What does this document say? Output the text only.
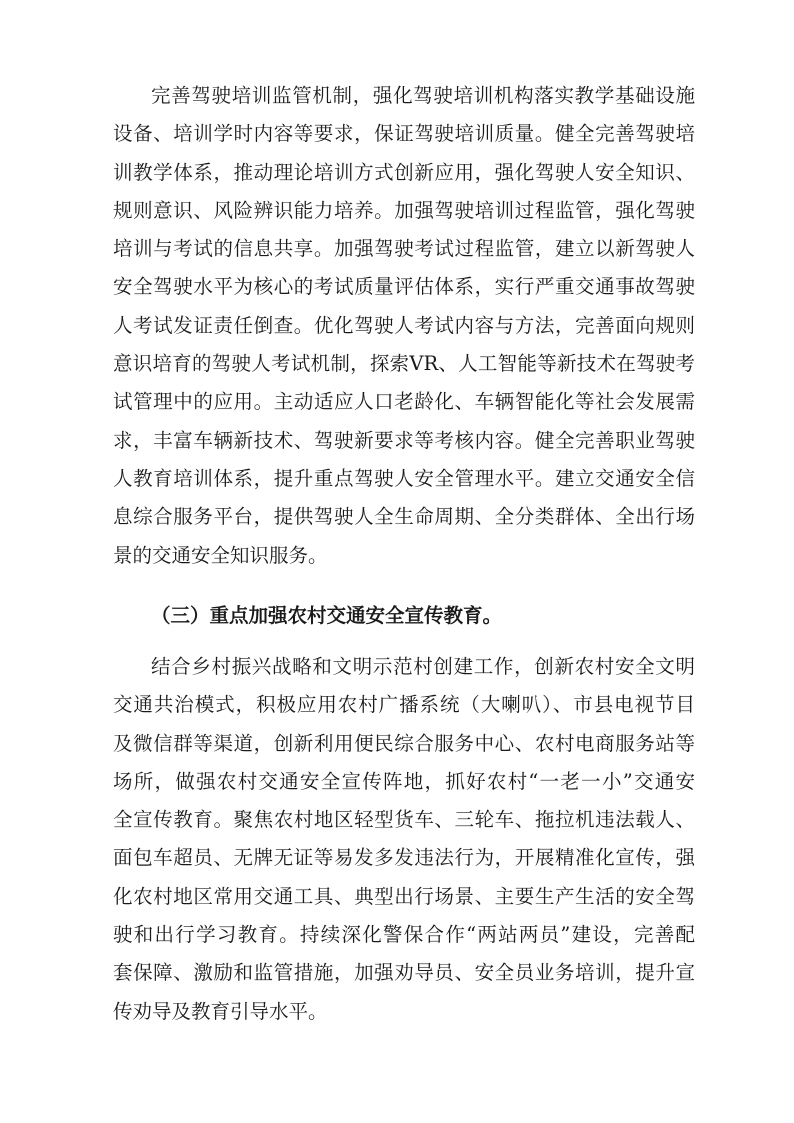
完善驾驶培训监管机制，强化驾驶培训机构落实教学基础设施
设备、培训学时内容等要求，保证驾驶培训质量。健全完善驾驶培
训教学体系，推动理论培训方式创新应用，强化驾驶人安全知识、
规则意识、风险辨识能力培养。加强驾驶培训过程监管，强化驾驶
培训与考试的信息共享。加强驾驶考试过程监管，建立以新驾驶人
安全驾驶水平为核心的考试质量评估体系，实行严重交通事故驾驶
人考试发证责任倒查。优化驾驶人考试内容与方法，完善面向规则
意识培育的驾驶人考试机制，探索VR、人工智能等新技术在驾驶考
试管理中的应用。主动适应人口老龄化、车辆智能化等社会发展需
求，丰富车辆新技术、驾驶新要求等考核内容。健全完善职业驾驶
人教育培训体系，提升重点驾驶人安全管理水平。建立交通安全信
息综合服务平台，提供驾驶人全生命周期、全分类群体、全出行场
景的交通安全知识服务。
（三）重点加强农村交通安全宣传教育。
结合乡村振兴战略和文明示范村创建工作，创新农村安全文明
交通共治模式，积极应用农村广播系统（大喇叭）、市县电视节目
及微信群等渠道，创新利用便民综合服务中心、农村电商服务站等
场所，做强农村交通安全宣传阵地，抓好农村“一老一小”交通安
全宣传教育。聚焦农村地区轻型货车、三轮车、拖拉机违法载人、
面包车超员、无牌无证等易发多发违法行为，开展精准化宣传，强
化农村地区常用交通工具、典型出行场景、主要生产生活的安全驾
驶和出行学习教育。持续深化警保合作“两站两员”建设，完善配
套保障、激励和监管措施，加强劝导员、安全员业务培训，提升宣
传劝导及教育引导水平。
